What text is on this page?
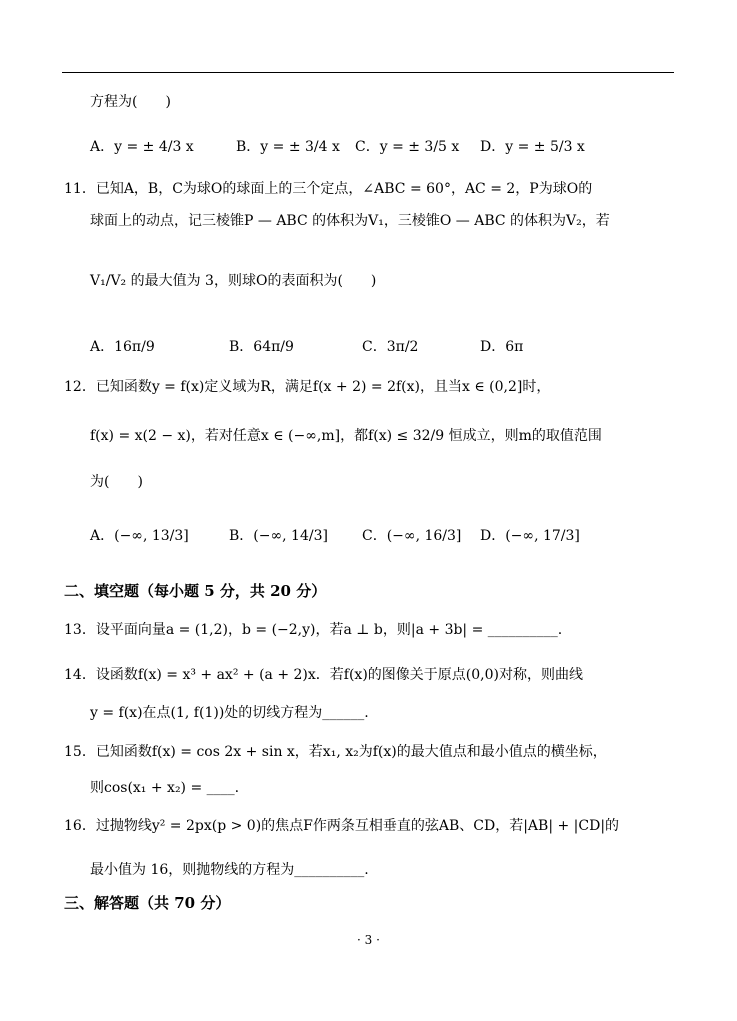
方程为(　　)
A．y = ± 4/3 x	B．y = ± 3/4 x C．y = ± 3/5 x D．y = ± 5/3 x
11．已知A，B，C为球O的球面上的三个定点，∠ABC = 60°，AC = 2，P为球O的
球面上的动点，记三棱锥P — ABC 的体积为V₁，三棱锥O — ABC 的体积为V₂，若
V₁/V₂ 的最大值为 3，则球O的表面积为(　　)
A．16π/9	B．64π/9	C．3π/2	D．6π
12．已知函数y = f(x)定义域为R，满足f(x + 2) = 2f(x)，且当x ∈ (0,2]时，
f(x) = x(2 − x)，若对任意x ∈ (−∞,m]，都f(x) ≤ 32/9 恒成立，则m的取值范围
为(　　)
A．(−∞, 13/3]	B．(−∞, 14/3] C．(−∞, 16/3] D．(−∞, 17/3]
二、填空题（每小题 5 分，共 20 分）
13．设平面向量a = (1,2)，b = (−2,y)，若a ⊥ b，则|a + 3b| = __________.
14．设函数f(x) = x³ + ax² + (a + 2)x．若f(x)的图像关于原点(0,0)对称，则曲线
y = f(x)在点(1, f(1))处的切线方程为______.
15．已知函数f(x) = cos 2x + sin x，若x₁, x₂为f(x)的最大值点和最小值点的横坐标，
则cos(x₁ + x₂) = ____.
16．过抛物线y² = 2px(p > 0)的焦点F作两条互相垂直的弦AB、CD，若|AB| + |CD|的
最小值为 16，则抛物线的方程为__________.
三、解答题（共 70 分）
· 3 ·
